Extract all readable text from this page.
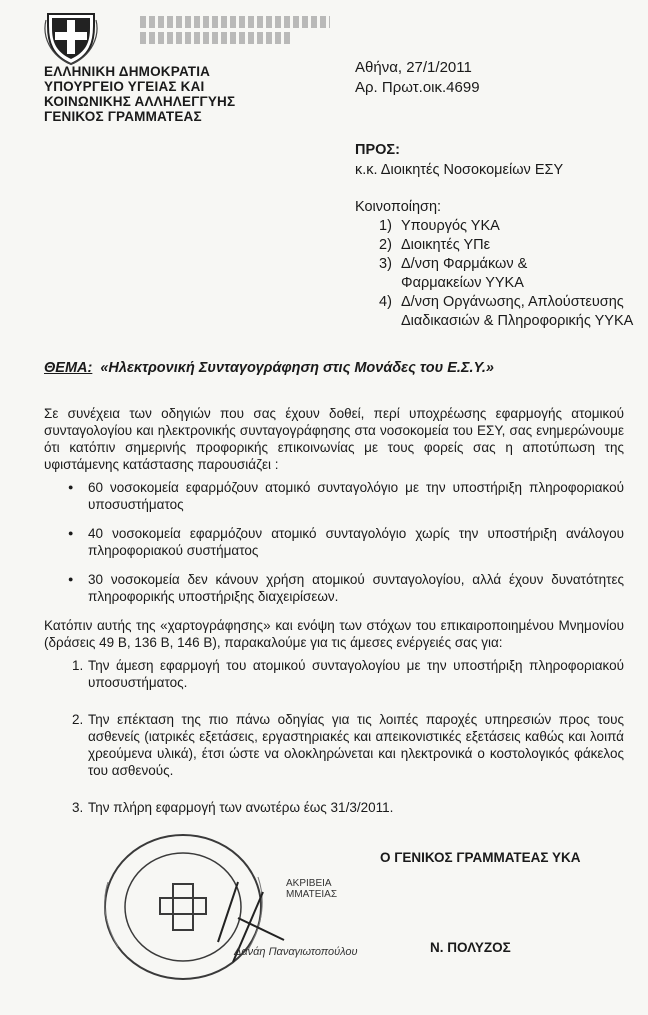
ΕΛΛΗΝΙΚΗ ΔΗΜΟΚΡΑΤΙΑ
ΥΠΟΥΡΓΕΙΟ ΥΓΕΙΑΣ ΚΑΙ
ΚΟΙΝΩΝΙΚΗΣ ΑΛΛΗΛΕΓΓΥΗΣ
ΓΕΝΙΚΟΣ ΓΡΑΜΜΑΤΕΑΣ
Αθήνα, 27/1/2011
Αρ. Πρωτ.οικ.4699
ΠΡΟΣ:
κ.κ. Διοικητές Νοσοκομείων ΕΣΥ
Κοινοποίηση:
1) Υπουργός ΥΚΑ
2) Διοικητές ΥΠε
3) Δ/νση Φαρμάκων & Φαρμακείων ΥΥΚΑ
4) Δ/νση Οργάνωσης, Απλούστευσης Διαδικασιών & Πληροφορικής ΥΥΚΑ
ΘΕΜΑ: «Ηλεκτρονική Συνταγογράφηση στις Μονάδες του Ε.Σ.Υ.»

Σε συνέχεια των οδηγιών που σας έχουν δοθεί, περί υποχρέωσης εφαρμογής ατομικού συνταγολογίου και ηλεκτρονικής συνταγογράφησης στα νοσοκομεία του ΕΣΥ, σας ενημερώνουμε ότι κατόπιν σημερινής προφορικής επικοινωνίας με τους φορείς σας η αποτύπωση της υφιστάμενης κατάστασης παρουσιάζει :

● 60 νοσοκομεία εφαρμόζουν ατομικό συνταγολόγιο με την υποστήριξη πληροφοριακού υποσυστήματος
● 40 νοσοκομεία εφαρμόζουν ατομικό συνταγολόγιο χωρίς την υποστήριξη ανάλογου πληροφοριακού συστήματος
● 30 νοσοκομεία δεν κάνουν χρήση ατομικού συνταγολογίου, αλλά έχουν δυνατότητες πληροφορικής υποστήριξης διαχειρίσεων.

Κατόπιν αυτής της «χαρτογράφησης» και ενόψη των στόχων του επικαιροποιημένου Μνημονίου (δράσεις 49 Β, 136 Β, 146 Β), παρακαλούμε για τις άμεσες ενέργειές σας για:

1. Την άμεση εφαρμογή του ατομικού συνταγολογίου με την υποστήριξη πληροφοριακού υποσυστήματος.
2. Την επέκταση της πιο πάνω οδηγίας για τις λοιπές παροχές υπηρεσιών προς τους ασθενείς (ιατρικές εξετάσεις, εργαστηριακές και απεικονιστικές εξετάσεις καθώς και λοιπά χρεούμενα υλικά), έτσι ώστε να ολοκληρώνεται και ηλεκτρονικά ο κοστολογικός φάκελος του ασθενούς.
3. Την πλήρη εφαρμογή των ανωτέρω έως 31/3/2011.
ΑΚΡΙΒΕΙΑ
ΜΜΑΤΕΙΑΣ
Δανάη Παναγιωτοπούλου
Ο ΓΕΝΙΚΟΣ ΓΡΑΜΜΑΤΕΑΣ ΥΚΑ
Ν. ΠΟΛΥΖΟΣ
